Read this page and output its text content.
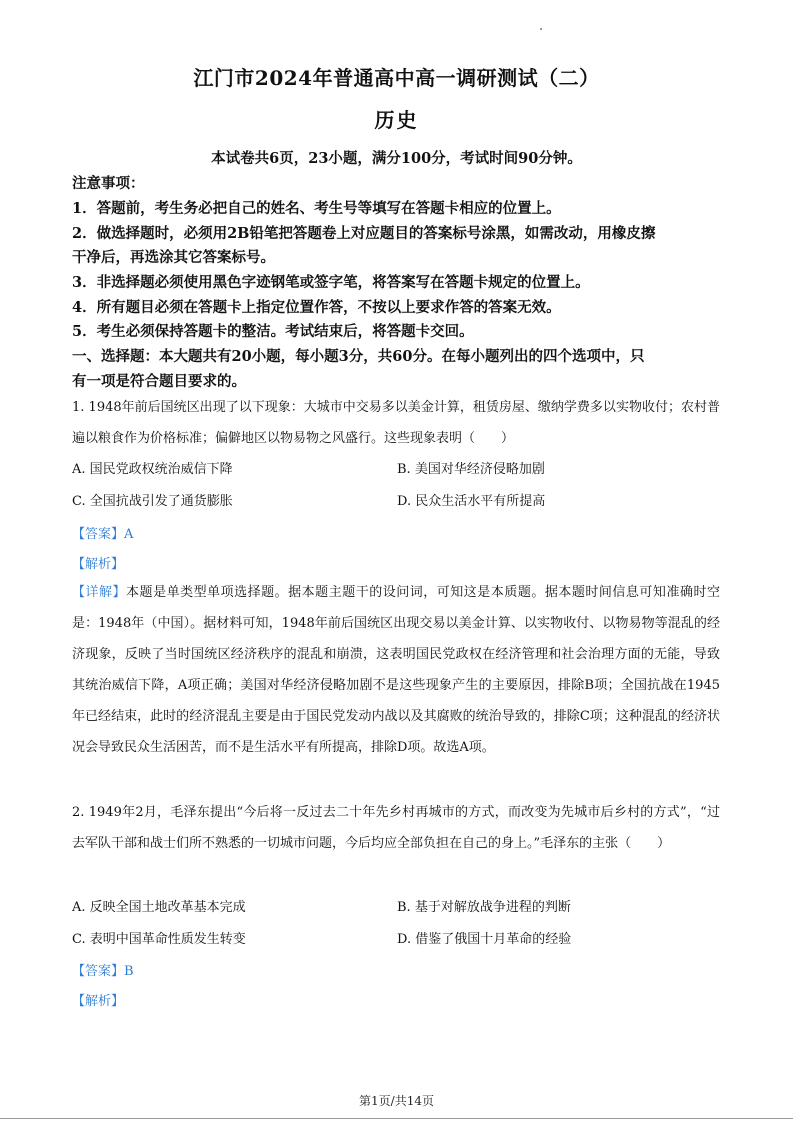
江门市2024年普通高中高一调研测试（二）
历史
本试卷共6页，23小题，满分100分，考试时间90分钟。
注意事项：
1．答题前，考生务必把自己的姓名、考生号等填写在答题卡相应的位置上。
2．做选择题时，必须用2B铅笔把答题卷上对应题目的答案标号涂黑，如需改动，用橡皮擦
干净后，再选涂其它答案标号。
3．非选择题必须使用黑色字迹钢笔或签字笔，将答案写在答题卡规定的位置上。
4．所有题目必须在答题卡上指定位置作答，不按以上要求作答的答案无效。
5．考生必须保持答题卡的整洁。考试结束后，将答题卡交回。
一、选择题：本大题共有20小题，每小题3分，共60分。在每小题列出的四个选项中，只
有一项是符合题目要求的。
1. 1948年前后国统区出现了以下现象：大城市中交易多以美金计算，租赁房屋、缴纳学费多以实物收付；农村普遍以粮食作为价格标准；偏僻地区以物易物之风盛行。这些现象表明（　　）
A. 国民党政权统治威信下降	B. 美国对华经济侵略加剧
C. 全国抗战引发了通货膨胀	D. 民众生活水平有所提高
【答案】A
【解析】
【详解】本题是单类型单项选择题。据本题主题干的设问词，可知这是本质题。据本题时间信息可知准确时空是：1948年（中国）。据材料可知，1948年前后国统区出现交易以美金计算、以实物收付、以物易物等混乱的经济现象，反映了当时国统区经济秩序的混乱和崩溃，这表明国民党政权在经济管理和社会治理方面的无能，导致其统治威信下降，A项正确；美国对华经济侵略加剧不是这些现象产生的主要原因，排除B项；全国抗战在1945年已经结束，此时的经济混乱主要是由于国民党发动内战以及其腐败的统治导致的，排除C项；这种混乱的经济状况会导致民众生活困苦，而不是生活水平有所提高，排除D项。故选A项。
2. 1949年2月，毛泽东提出“今后将一反过去二十年先乡村再城市的方式，而改变为先城市后乡村的方式”，“过去军队干部和战士们所不熟悉的一切城市问题，今后均应全部负担在自己的身上。”毛泽东的主张（　　）
A. 反映全国土地改革基本完成	B. 基于对解放战争进程的判断
C. 表明中国革命性质发生转变	D. 借鉴了俄国十月革命的经验
【答案】B
【解析】
第1页/共14页
